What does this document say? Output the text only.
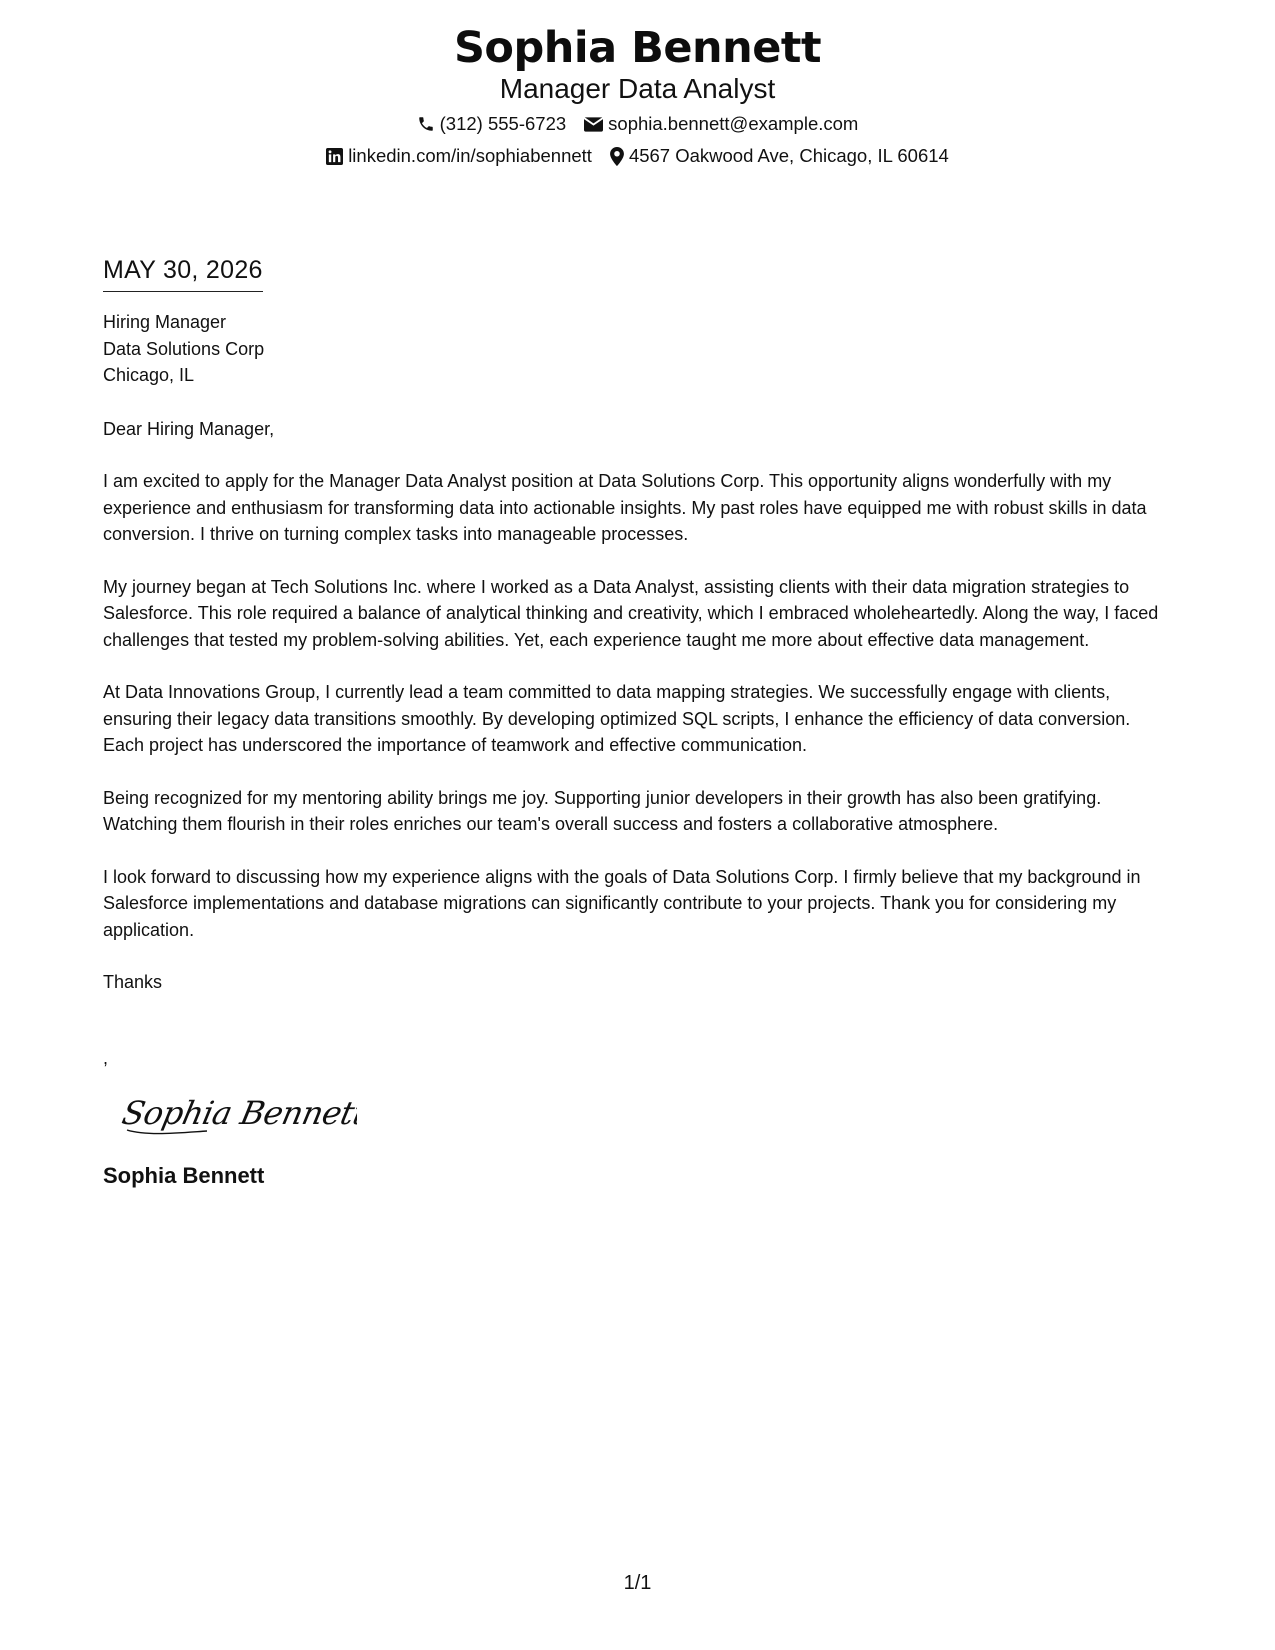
Sophia Bennett
Manager Data Analyst
(312) 555-6723 sophia.bennett@example.com
linkedin.com/in/sophiabennett 4567 Oakwood Ave, Chicago, IL 60614
MAY 30, 2026
Hiring Manager
Data Solutions Corp
Chicago, IL
Dear Hiring Manager,

I am excited to apply for the Manager Data Analyst position at Data Solutions Corp. This opportunity aligns wonderfully with my experience and enthusiasm for transforming data into actionable insights. My past roles have equipped me with robust skills in data conversion. I thrive on turning complex tasks into manageable processes.

My journey began at Tech Solutions Inc. where I worked as a Data Analyst, assisting clients with their data migration strategies to Salesforce. This role required a balance of analytical thinking and creativity, which I embraced wholeheartedly. Along the way, I faced challenges that tested my problem-solving abilities. Yet, each experience taught me more about effective data management.

At Data Innovations Group, I currently lead a team committed to data mapping strategies. We successfully engage with clients, ensuring their legacy data transitions smoothly. By developing optimized SQL scripts, I enhance the efficiency of data conversion. Each project has underscored the importance of teamwork and effective communication.

Being recognized for my mentoring ability brings me joy. Supporting junior developers in their growth has also been gratifying. Watching them flourish in their roles enriches our team's overall success and fosters a collaborative atmosphere.

I look forward to discussing how my experience aligns with the goals of Data Solutions Corp. I firmly believe that my background in Salesforce implementations and database migrations can significantly contribute to your projects. Thank you for considering my application.

Thanks
,
Sophia Bennett
Sophia Bennett
1/1
